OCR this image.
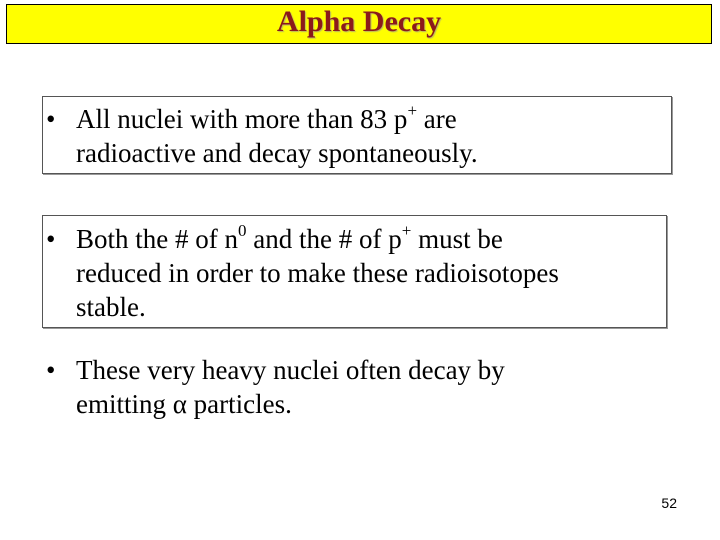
Alpha Decay
• All nuclei with more than 83 p+ are
radioactive and decay spontaneously.
• Both the # of $n^0$ and the # of p+ must be
reduced in order to make these radioisotopes
stable.
• These very heavy nuclei often decay by
emitting α particles.
52
